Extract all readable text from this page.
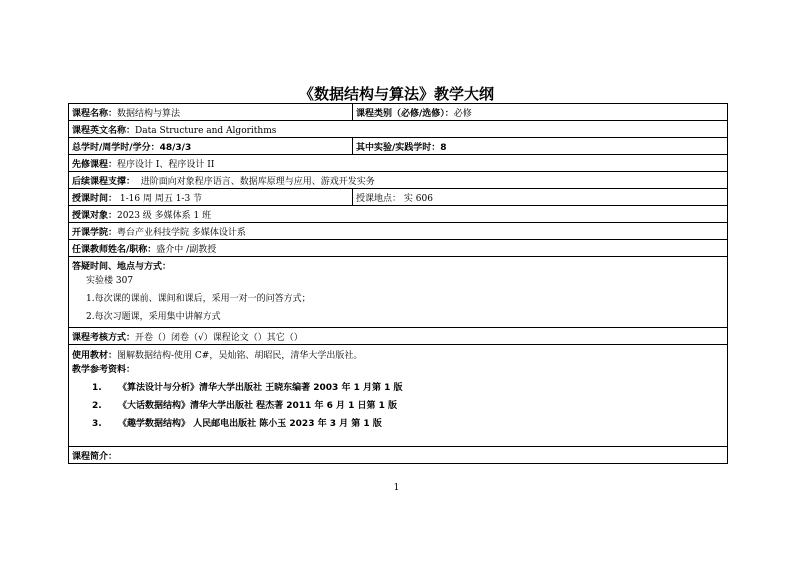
《数据结构与算法》教学大纲
课程名称：数据结构与算法	课程类别（必修/选修）：必修
课程英文名称：Data Structure and Algorithms	
总学时/周学时/学分：48/3/3	其中实验/实践学时：8
先修课程：程序设计 I、程序设计 II	
后续课程支撑： 进阶面向对象程序语言、数据库原理与应用、游戏开发实务	
授课时间： 1-16 周 周五 1-3 节	授课地点： 实 606
授课对象：2023 级 多媒体系 1 班	
开课学院：粤台产业科技学院 多媒体设计系	
任课教师姓名/职称：盛介中 /副教授	
答疑时间、地点与方式：
实验楼 307
1.每次课的课前、课间和课后，采用一对一的问答方式；
2.每次习题课，采用集中讲解方式	

课程考核方式：开卷（）闭卷（√）课程论文（）其它（）	
使用教材：图解数据结构-使用 C#，吴灿铭、胡昭民，清华大学出版社。
教学参考资料：
1. 《算法设计与分析》清华大学出版社 王晓东编著 2003 年 1 月第 1 版
2. 《大话数据结构》清华大学出版社 程杰著 2011 年 6 月 1 日第 1 版
3. 《趣学数据结构》 人民邮电出版社 陈小玉 2023 年 3 月 第 1 版	

课程简介：	
1
